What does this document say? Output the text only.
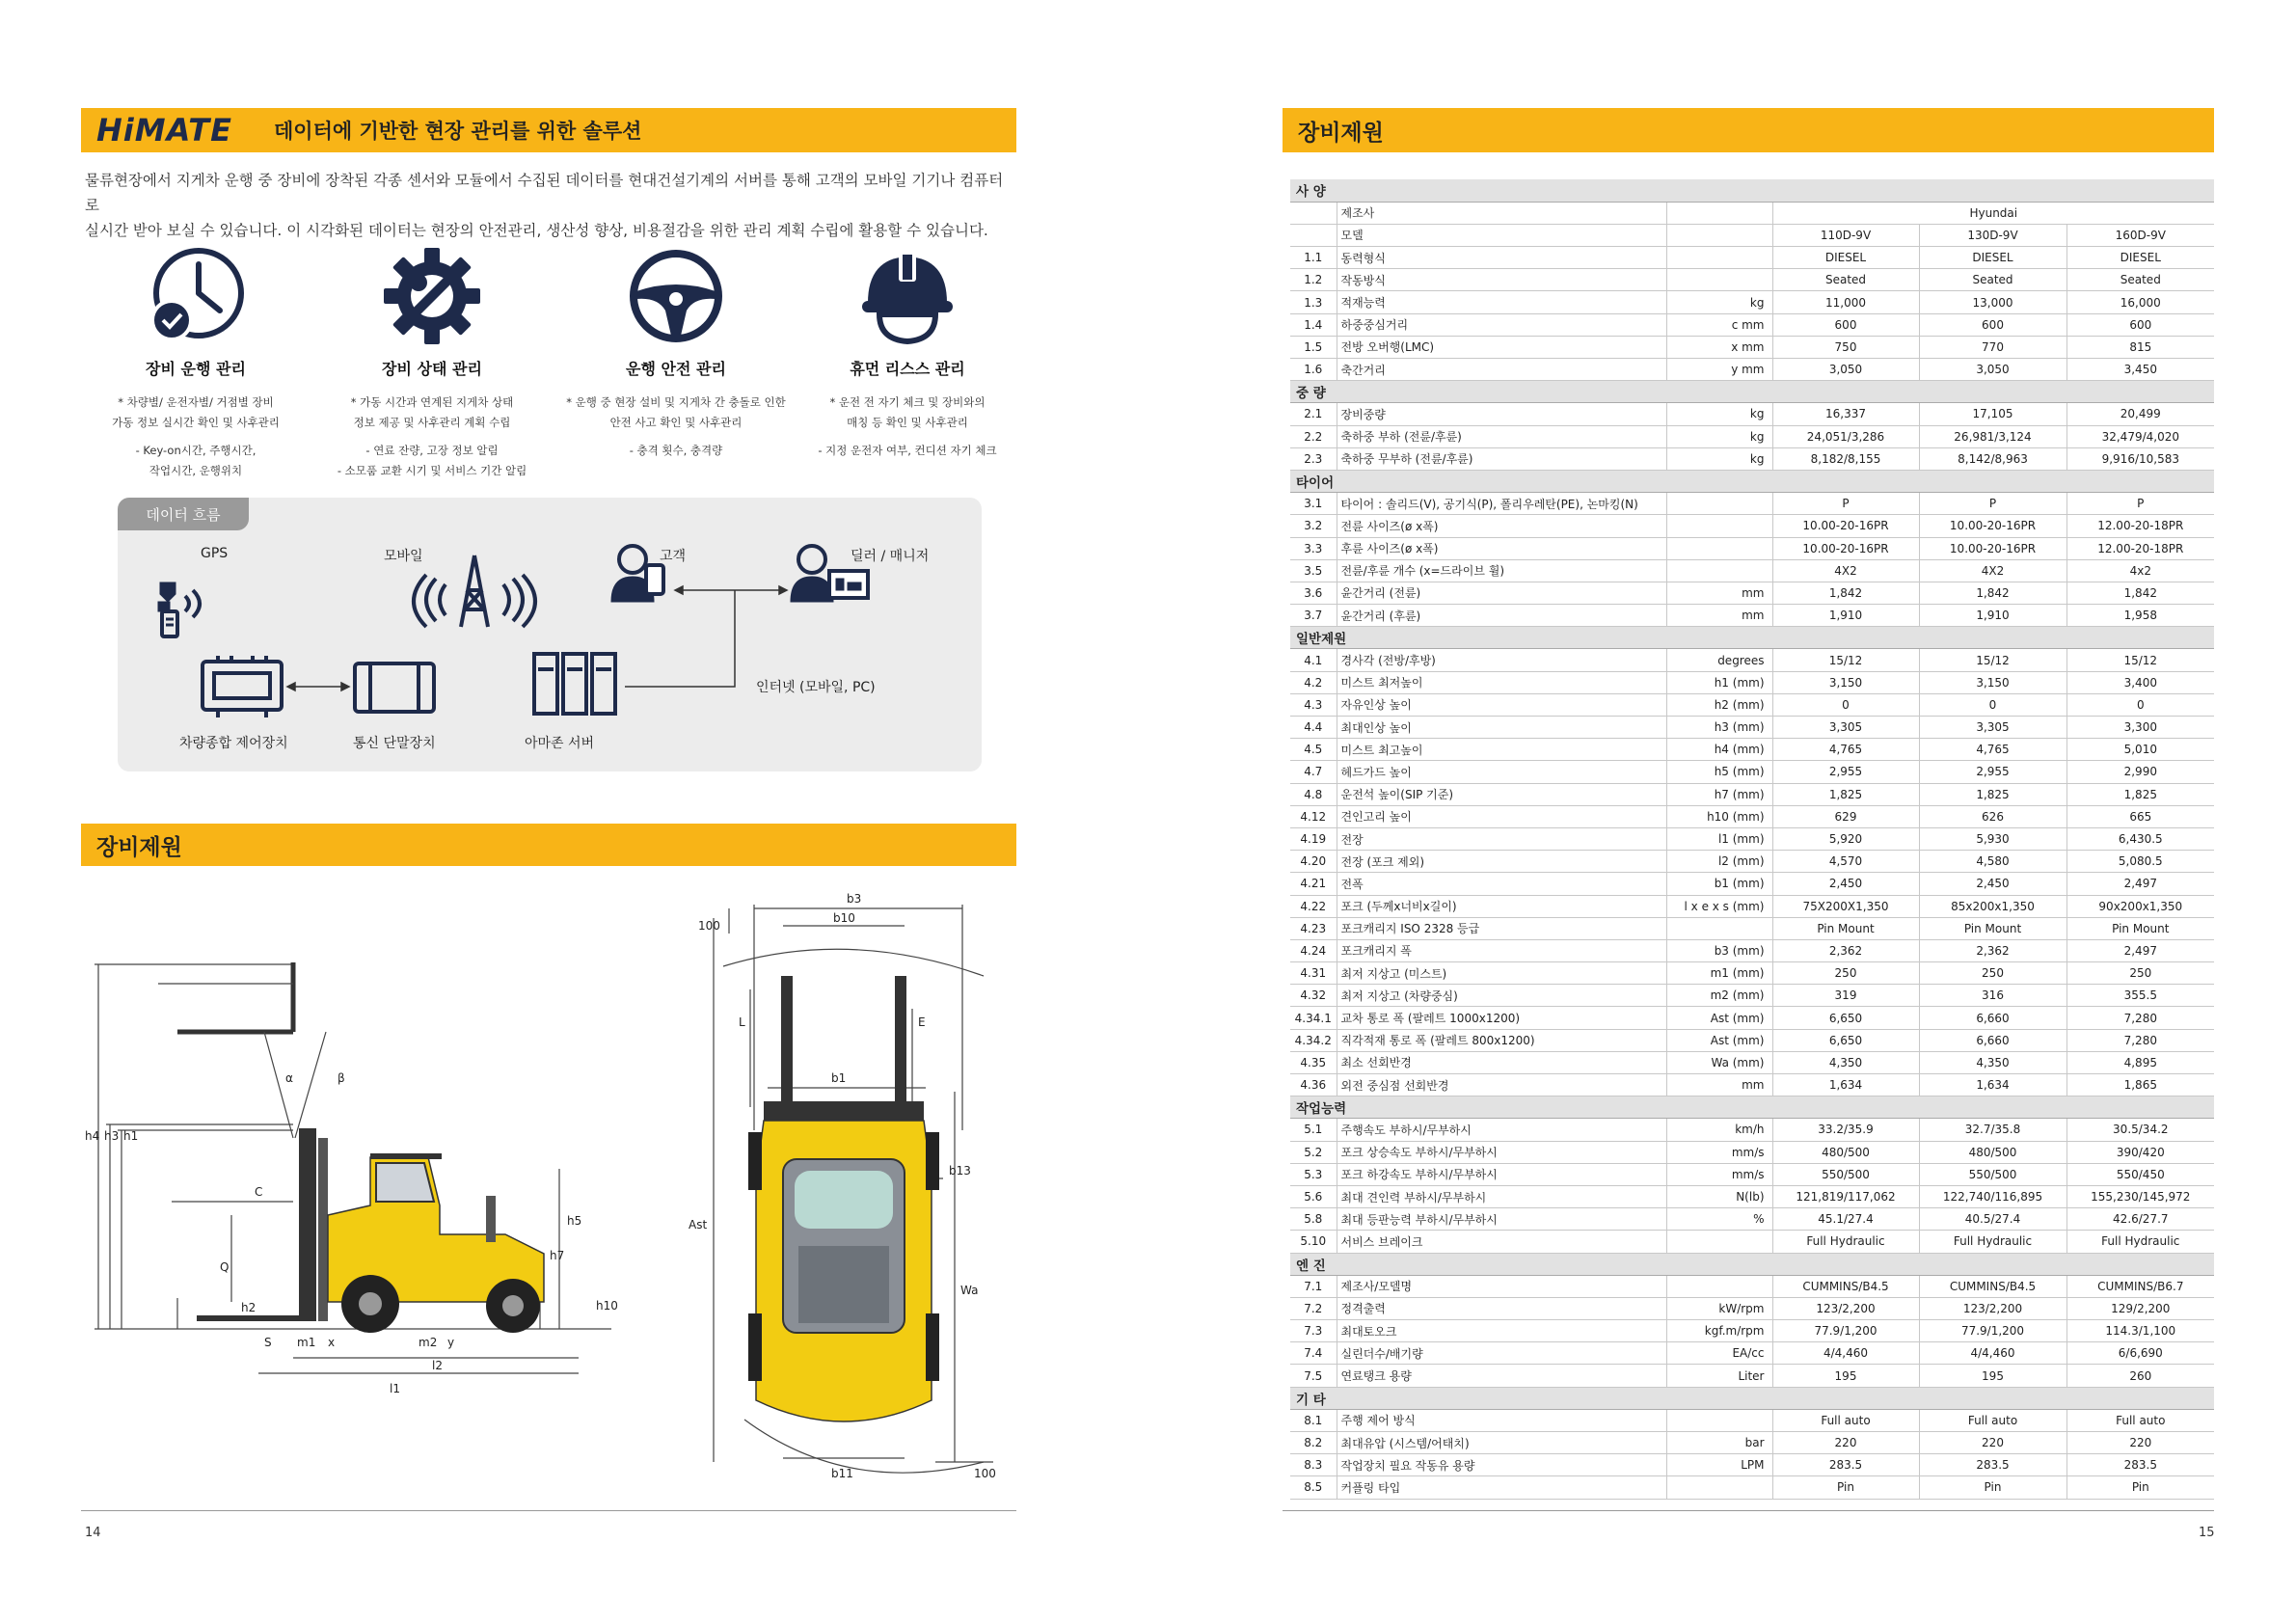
HiMATE 데이터에 기반한 현장 관리를 위한 솔루션
물류현장에서 지게차 운행 중 장비에 장착된 각종 센서와 모듈에서 수집된 데이터를 현대건설기계의 서버를 통해 고객의 모바일 기기나 컴퓨터로
실시간 받아 보실 수 있습니다. 이 시각화된 데이터는 현장의 안전관리, 생산성 향상, 비용절감을 위한 관리 계획 수립에 활용할 수 있습니다.
장비 운행 관리
* 차량별/ 운전자별/ 거점별 장비
가동 정보 실시간 확인 및 사후관리
- Key-on시간, 주행시간,
작업시간, 운행위치
장비 상태 관리
* 가동 시간과 연계된 지게차 상태
정보 제공 및 사후관리 계획 수립
- 연료 잔량, 고장 정보 알림
- 소모품 교환 시기 및 서비스 기간 알림
운행 안전 관리
* 운행 중 현장 설비 및 지게차 간 충돌로 인한
안전 사고 확인 및 사후관리
- 충격 횟수, 충격량
휴먼 리스스 관리
* 운전 전 자기 체크 및 장비와의
매칭 등 확인 및 사후관리
- 지정 운전자 여부, 컨디션 자기 체크
데이터 흐름
GPS	모바일	고객	딜러 / 매니저
인터넷 (모바일, PC)
차량종합 제어장치	통신 단말장치	아마존 서버
장비제원
h4 h3 h1
α	β
C
Q
h2
S m1 x	m2 y
l2
l1
h5
h7
h10
b3
b10
100
L	E
b1
b13
Ast
Wa
b11	100
14
장비제원
사 양					
	제조사		Hyundai		
	모델		110D-9V	130D-9V	160D-9V
1.1	동력형식		DIESEL	DIESEL	DIESEL
1.2	작동방식		Seated	Seated	Seated
1.3	적재능력	kg	11,000	13,000	16,000
1.4	하중중심거리	c mm	600	600	600
1.5	전방 오버행(LMC)	x mm	750	770	815
1.6	축간거리	y mm	3,050	3,050	3,450
중 량					
2.1	장비중량	kg	16,337	17,105	20,499
2.2	축하중 부하 (전륜/후륜)	kg	24,051/3,286	26,981/3,124	32,479/4,020
2.3	축하중 무부하 (전륜/후륜)	kg	8,182/8,155	8,142/8,963	9,916/10,583
타이어					
3.1	타이어 : 솔리드(V), 공기식(P), 폴리우레탄(PE), 논마킹(N)		P	P	P
3.2	전륜 사이즈(ø x폭)		10.00-20-16PR	10.00-20-16PR	12.00-20-18PR
3.3	후륜 사이즈(ø x폭)		10.00-20-16PR	10.00-20-16PR	12.00-20-18PR
3.5	전륜/후륜 개수 (x=드라이브 휠)		4X2	4X2	4x2
3.6	윤간거리 (전륜)	mm	1,842	1,842	1,842
3.7	윤간거리 (후륜)	mm	1,910	1,910	1,958
일반제원					
4.1	경사각 (전방/후방)	degrees	15/12	15/12	15/12
4.2	미스트 최저높이	h1 (mm)	3,150	3,150	3,400
4.3	자유인상 높이	h2 (mm)	0	0	0
4.4	최대인상 높이	h3 (mm)	3,305	3,305	3,300
4.5	미스트 최고높이	h4 (mm)	4,765	4,765	5,010
4.7	헤드가드 높이	h5 (mm)	2,955	2,955	2,990
4.8	운전석 높이(SIP 기준)	h7 (mm)	1,825	1,825	1,825
4.12	견인고리 높이	h10 (mm)	629	626	665
4.19	전장	l1 (mm)	5,920	5,930	6,430.5
4.20	전장 (포크 제외)	l2 (mm)	4,570	4,580	5,080.5
4.21	전폭	b1 (mm)	2,450	2,450	2,497
4.22	포크 (두께x너비x길이)	l x e x s (mm)	75X200X1,350	85x200x1,350	90x200x1,350
4.23	포크캐리지 ISO 2328 등급		Pin Mount	Pin Mount	Pin Mount
4.24	포크캐리지 폭	b3 (mm)	2,362	2,362	2,497
4.31	최저 지상고 (미스트)	m1 (mm)	250	250	250
4.32	최저 지상고 (차량중심)	m2 (mm)	319	316	355.5
4.34.1	교차 통로 폭 (팔레트 1000x1200)	Ast (mm)	6,650	6,660	7,280
4.34.2	직각적재 통로 폭 (팔레트 800x1200)	Ast (mm)	6,650	6,660	7,280
4.35	최소 선회반경	Wa (mm)	4,350	4,350	4,895
4.36	외전 중심점 선회반경	mm	1,634	1,634	1,865
작업능력					
5.1	주행속도 부하시/무부하시	km/h	33.2/35.9	32.7/35.8	30.5/34.2
5.2	포크 상승속도 부하시/무부하시	mm/s	480/500	480/500	390/420
5.3	포크 하강속도 부하시/무부하시	mm/s	550/500	550/500	550/450
5.6	최대 견인력 부하시/무부하시	N(lb)	121,819/117,062	122,740/116,895	155,230/145,972
5.8	최대 등판능력 부하시/무부하시	%	45.1/27.4	40.5/27.4	42.6/27.7
5.10	서비스 브레이크		Full Hydraulic	Full Hydraulic	Full Hydraulic
엔 진					
7.1	제조사/모델명		CUMMINS/B4.5	CUMMINS/B4.5	CUMMINS/B6.7
7.2	정격출력	kW/rpm	123/2,200	123/2,200	129/2,200
7.3	최대토오크	kgf.m/rpm	77.9/1,200	77.9/1,200	114.3/1,100
7.4	실린더수/배기량	EA/cc	4/4,460	4/4,460	6/6,690
7.5	연료탱크 용량	Liter	195	195	260
기 타					
8.1	주행 제어 방식		Full auto	Full auto	Full auto
8.2	최대유압 (시스템/어태치)	bar	220	220	220
8.3	작업장치 필요 작동유 용량	LPM	283.5	283.5	283.5
8.5	커플링 타입		Pin	Pin	Pin
15
